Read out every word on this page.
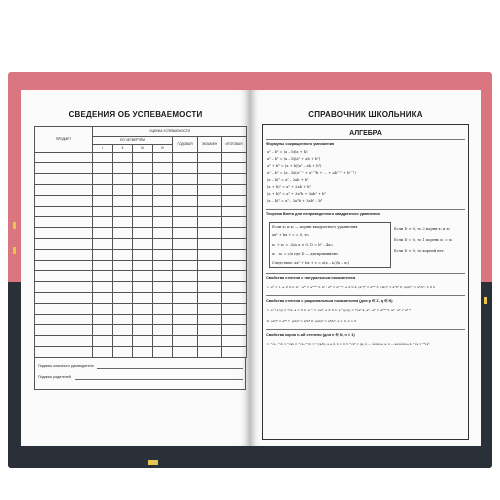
СВЕДЕНИЯ ОБ УСПЕВАЕМОСТИ
ПРЕДМЕТ	ОЦЕНКА УСПЕВАЕМОСТИ						
	ПО ЧЕТВЕРТЯМ				ГОДОВАЯ	ЭКЗАМЕН	ИТОГОВАЯ
	I	II	III	IV			

Подпись классного руководителя
Подпись родителей
СПРАВОЧНИК ШКОЛЬНИКА
АЛГЕБРА
Формулы сокращенного умножения
a² – b² = (a – b)(a + b)
a³ – b³ = (a – b)(a² + ab + b²)
a³ + b³ = (a + b)(a² – ab + b²)
aⁿ – bⁿ = (a – b)(aⁿ⁻¹ + aⁿ⁻²b + … + abⁿ⁻² + bⁿ⁻¹)
(a – b)² = a² – 2ab + b²
(a + b)² = a² + 2ab + b²
(a + b)³ = a³ + 3a²b + 3ab² + b³
(a – b)³ = a³ – 3a²b + 3ab² – b³
Теорема Виета для неприведенного квадратного уравнения
Если x₁ и x₂ — корни квадратного уравнения
ax² + bx + c = 0, то
x₁ + x₂ = –b/a x ≠ 0, D = b² – 4ac,
x₁ · x₂ = c/a где D — дискриминант.
Если D > 0, то 2 корня x₁ и x₂
Если D = 0, то 1 корень x₁ = x₂
Если D < 0, то корней нет.
Следствие: ax² + bx + c = a(x – x₁)(x – x₂)
Свойства степени с натуральным показателем
1. a⁰ = 1, a ≠ 0 2. aⁿ · aᵐ = aⁿ⁺ᵐ 3. aⁿ : aᵐ = aⁿ⁻ᵐ, a ≠ 0 4. (aⁿ)ᵐ = aⁿᵐ 5. (ab)ⁿ = aⁿbⁿ 6. (a/b)ⁿ = aⁿ/bⁿ, b ≠ 0
Свойства степени с рациональным показателем (для p ∈ Z, q ∈ N)
1. a^(1/q) = ᵠ√a, a > 0 2. a⁻ⁿ = 1/aⁿ, a ≠ 0 3. a^(p/q) = ᵠ√aᵖ 4. aᵖ · aᵠ = aᵖ⁺ᵠ 5. aᵖ : aᵠ = aᵖ⁻ᵠ
6. (aᵖ)ᵠ = aᵖᵠ 7. (ab)ᵖ = aᵖbᵖ 8. (a/b)ᵖ = aᵖ/bᵖ, a > 0, b > 0
Свойства корня n-ой степени (для n ∈ N, n > 1)
1. ⁿ√a · ⁿ√b = ⁿ√ab 2. ⁿ√a / ⁿ√b = ⁿ√(a/b), a ≥ 0, b > 0 3. ⁿ√aⁿ = |a|, n — чётное; a, n — нечётное 4. ⁿ√a = ⁿᵏ√aᵏ
